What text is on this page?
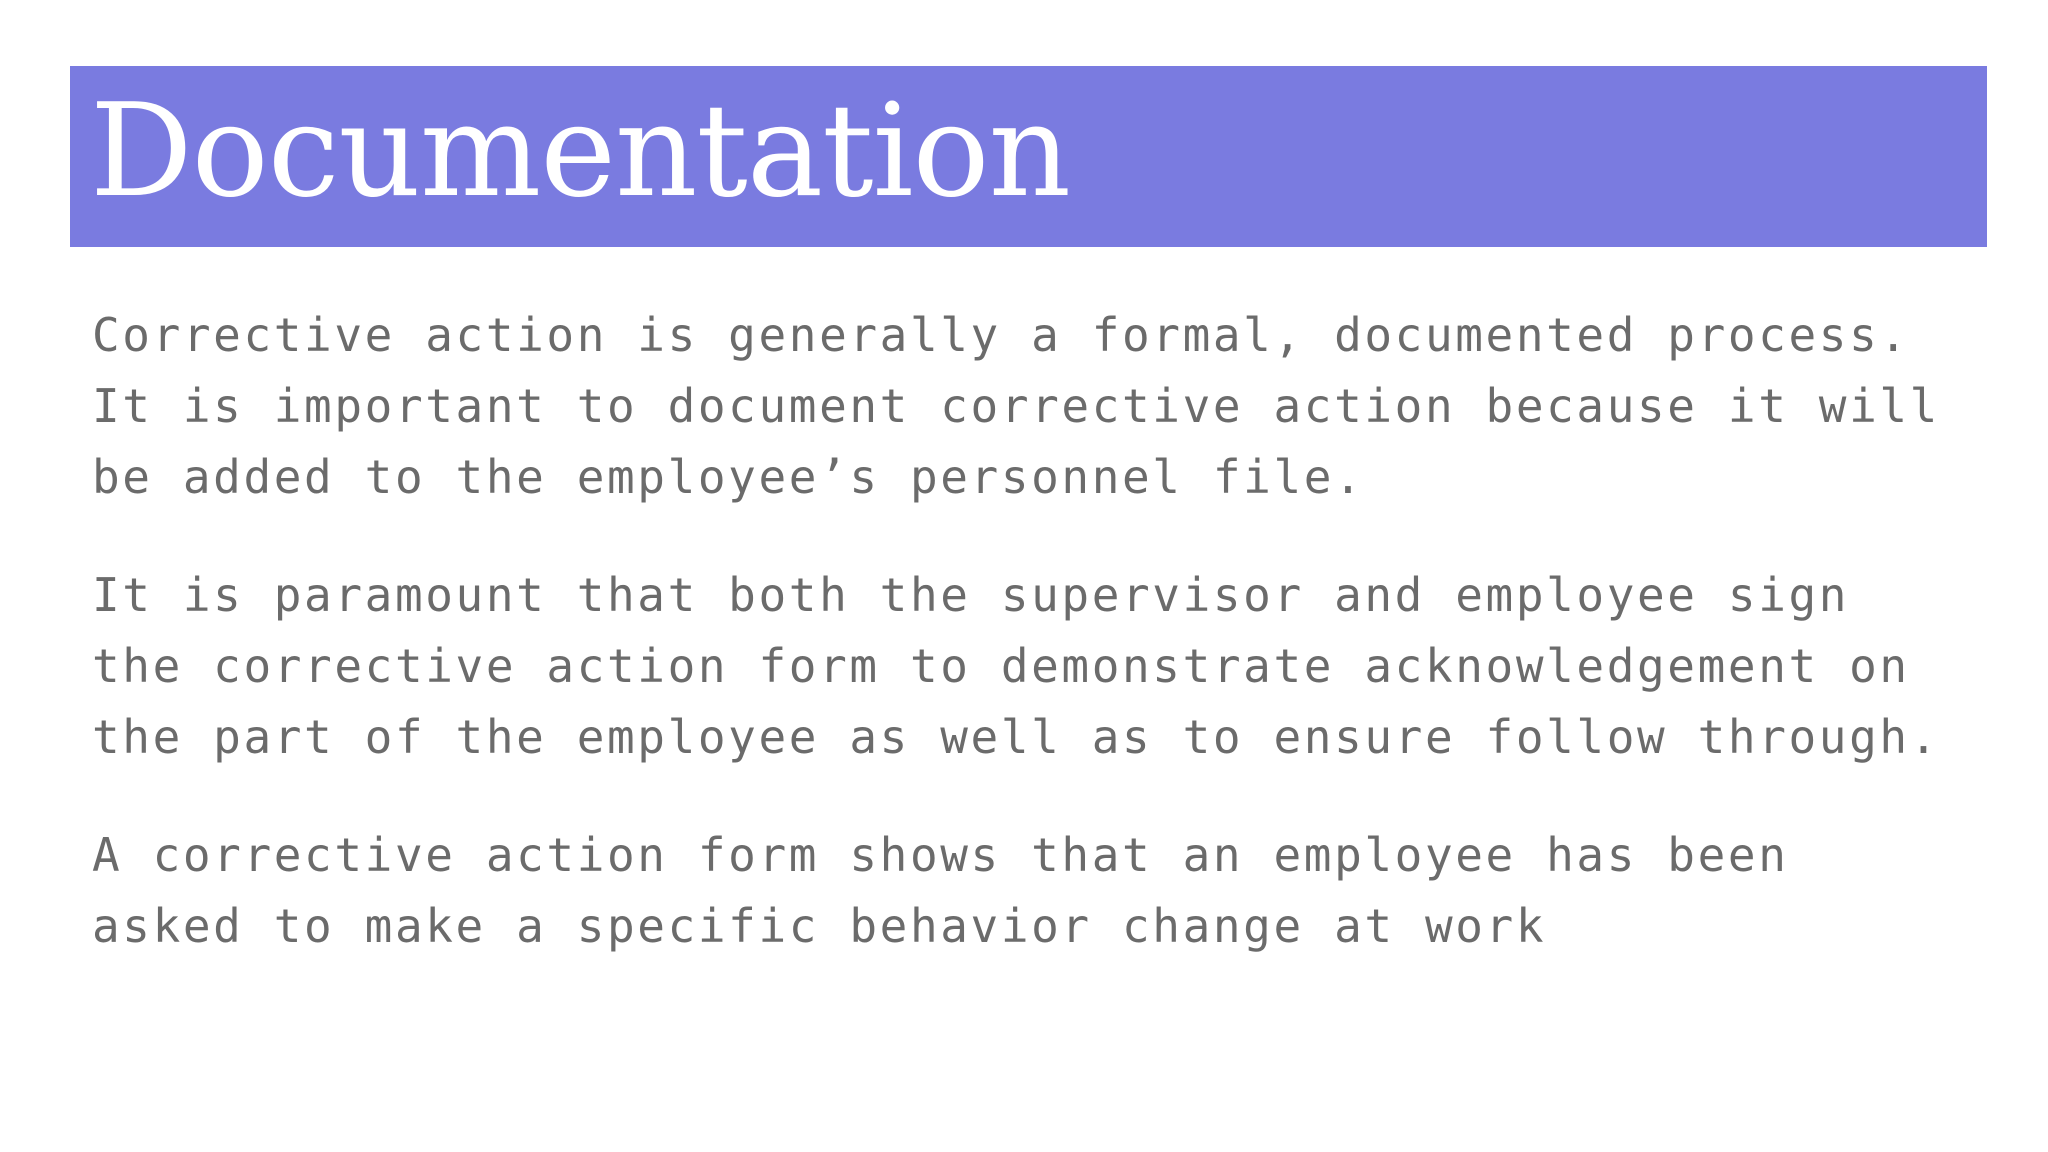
Documentation

Corrective action is generally a formal, documented process.
It is important to document corrective action because it will
be added to the employee’s personnel file.

It is paramount that both the supervisor and employee sign
the corrective action form to demonstrate acknowledgement on
the part of the employee as well as to ensure follow through.

A corrective action form shows that an employee has been
asked to make a specific behavior change at work
